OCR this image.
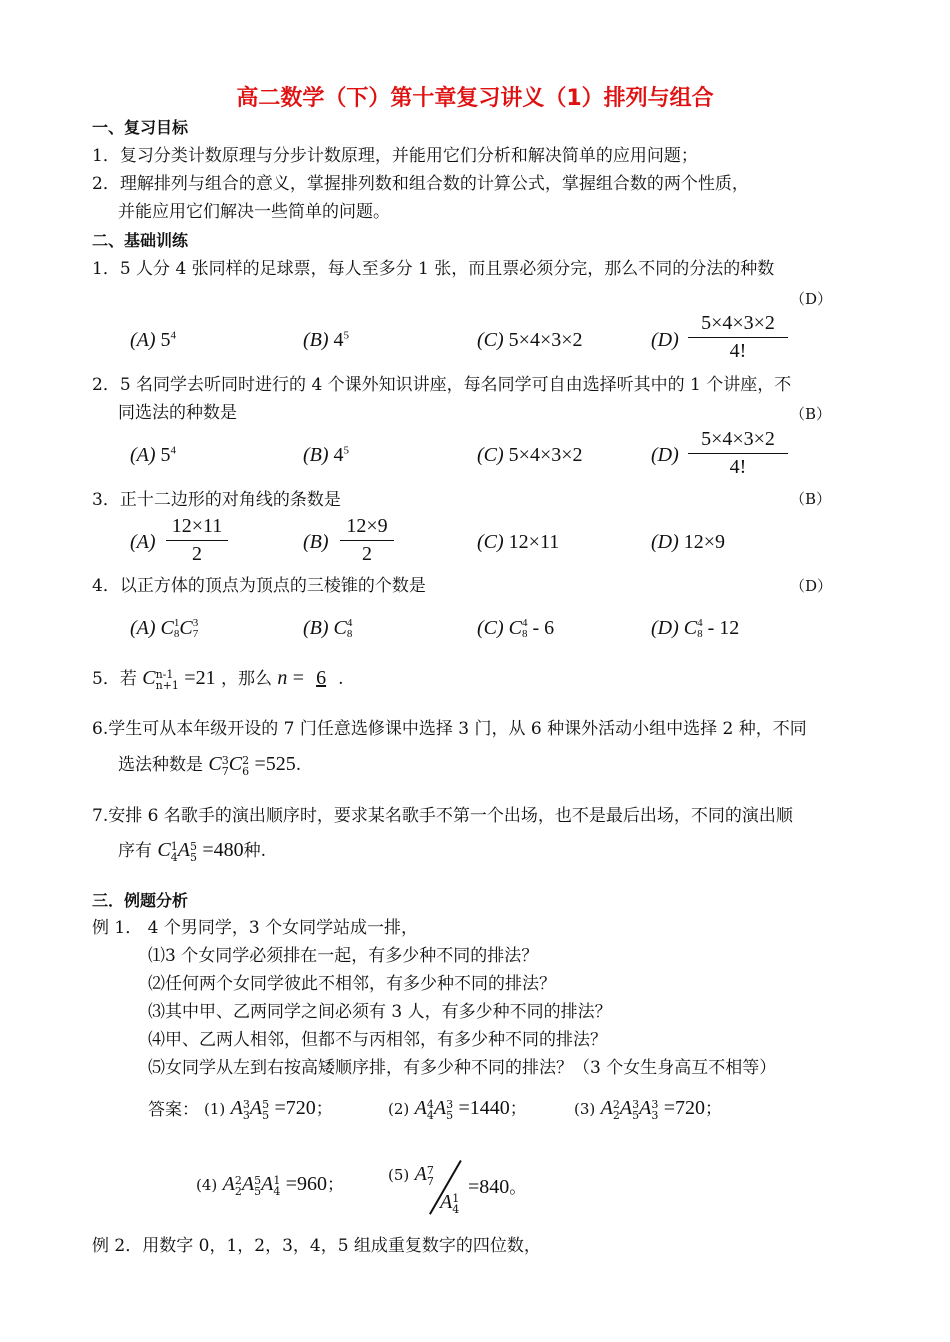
高二数学（下）第十章复习讲义（1）排列与组合
一、复习目标
1．复习分类计数原理与分步计数原理，并能用它们分析和解决简单的应用问题；
2．理解排列与组合的意义，掌握排列数和组合数的计算公式，掌握组合数的两个性质，
并能应用它们解决一些简单的问题。
二、基础训练
1．5 人分 4 张同样的足球票，每人至多分 1 张，而且票必须分完，那么不同的分法的种数
（D）
(A) $5^4$	(B) $4^5$	(C) 5×4×3×2	(D)
5×4×3×2
4!
2．5 名同学去听同时进行的 4 个课外知识讲座，每名同学可自由选择听其中的 1 个讲座，不
同选法的种数是	（B）
(A) $5^4$	(B) $4^5$	(C) 5×4×3×2	(D)
5×4×3×2
4!
3．正十二边形的对角线的条数是	（B）
(A)
12×11
2
(B)
12×9
2
(C) 12×11	(D) 12×9
4．以正方体的顶点为顶点的三棱锥的个数是	（D）
(A) C 1
8 C 3
7	(B) C 4
8	(C) C 4
8 - 6	(D) C 4
8 - 12
5．若 C n-1
n+1 =21 ，那么 n = 6 .
6.学生可从本年级开设的 7 门任意选修课中选择 3 门，从 6 种课外活动小组中选择 2 种，不同
选法种数是 C 3
7 C 2
6 =525.
7.安排 6 名歌手的演出顺序时，要求某名歌手不第一个出场，也不是最后出场，不同的演出顺
序有 C 1
4 A 5
5 =480种.
三．例题分析
例 1． 4 个男同学，3 个女同学站成一排，
⑴3 个女同学必须排在一起，有多少种不同的排法？
⑵任何两个女同学彼此不相邻，有多少种不同的排法？
⑶其中甲、乙两同学之间必须有 3 人，有多少种不同的排法？
⑷甲、乙两人相邻，但都不与丙相邻，有多少种不同的排法？
⑸女同学从左到右按高矮顺序排，有多少种不同的排法？（3 个女生身高互不相等）
答案： (1) A 3
3 A 5
5 =720；	(2) A 4
4 A 3
5 =1440；	(3) A 2
2 A 3
5 A 3
3 =720；
(4) A 2
2 A 5
5 A 1
4 =960；	(5) A 7
7
A 1
4
=840。
例 2．用数字 0，1，2，3，4，5 组成重复数字的四位数，
